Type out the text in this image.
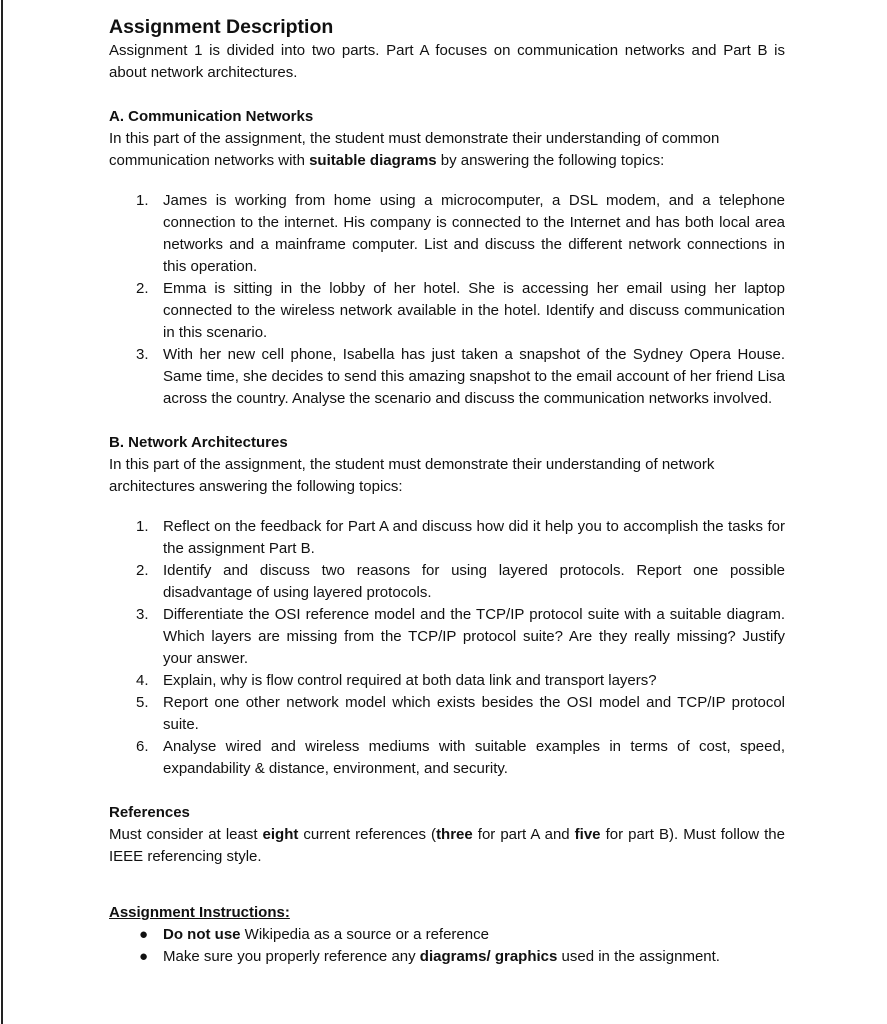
Assignment Description

Assignment 1 is divided into two parts. Part A focuses on communication networks and Part B is about network architectures.

A. Communication Networks

In this part of the assignment, the student must demonstrate their understanding of common communication networks with suitable diagrams by answering the following topics:

1. James is working from home using a microcomputer, a DSL modem, and a telephone connection to the internet. His company is connected to the Internet and has both local area networks and a mainframe computer. List and discuss the different network connections in this operation.
2. Emma is sitting in the lobby of her hotel. She is accessing her email using her laptop connected to the wireless network available in the hotel. Identify and discuss communication in this scenario.
3. With her new cell phone, Isabella has just taken a snapshot of the Sydney Opera House. Same time, she decides to send this amazing snapshot to the email account of her friend Lisa across the country. Analyse the scenario and discuss the communication networks involved.

B. Network Architectures

In this part of the assignment, the student must demonstrate their understanding of network architectures answering the following topics:

1. Reflect on the feedback for Part A and discuss how did it help you to accomplish the tasks for the assignment Part B.
2. Identify and discuss two reasons for using layered protocols. Report one possible disadvantage of using layered protocols.
3. Differentiate the OSI reference model and the TCP/IP protocol suite with a suitable diagram. Which layers are missing from the TCP/IP protocol suite? Are they really missing? Justify your answer.
4. Explain, why is flow control required at both data link and transport layers?
5. Report one other network model which exists besides the OSI model and TCP/IP protocol suite.
6. Analyse wired and wireless mediums with suitable examples in terms of cost, speed, expandability & distance, environment, and security.

References

Must consider at least eight current references (three for part A and five for part B). Must follow the IEEE referencing style.

Assignment Instructions:

● Do not use Wikipedia as a source or a reference
● Make sure you properly reference any diagrams/ graphics used in the assignment.
